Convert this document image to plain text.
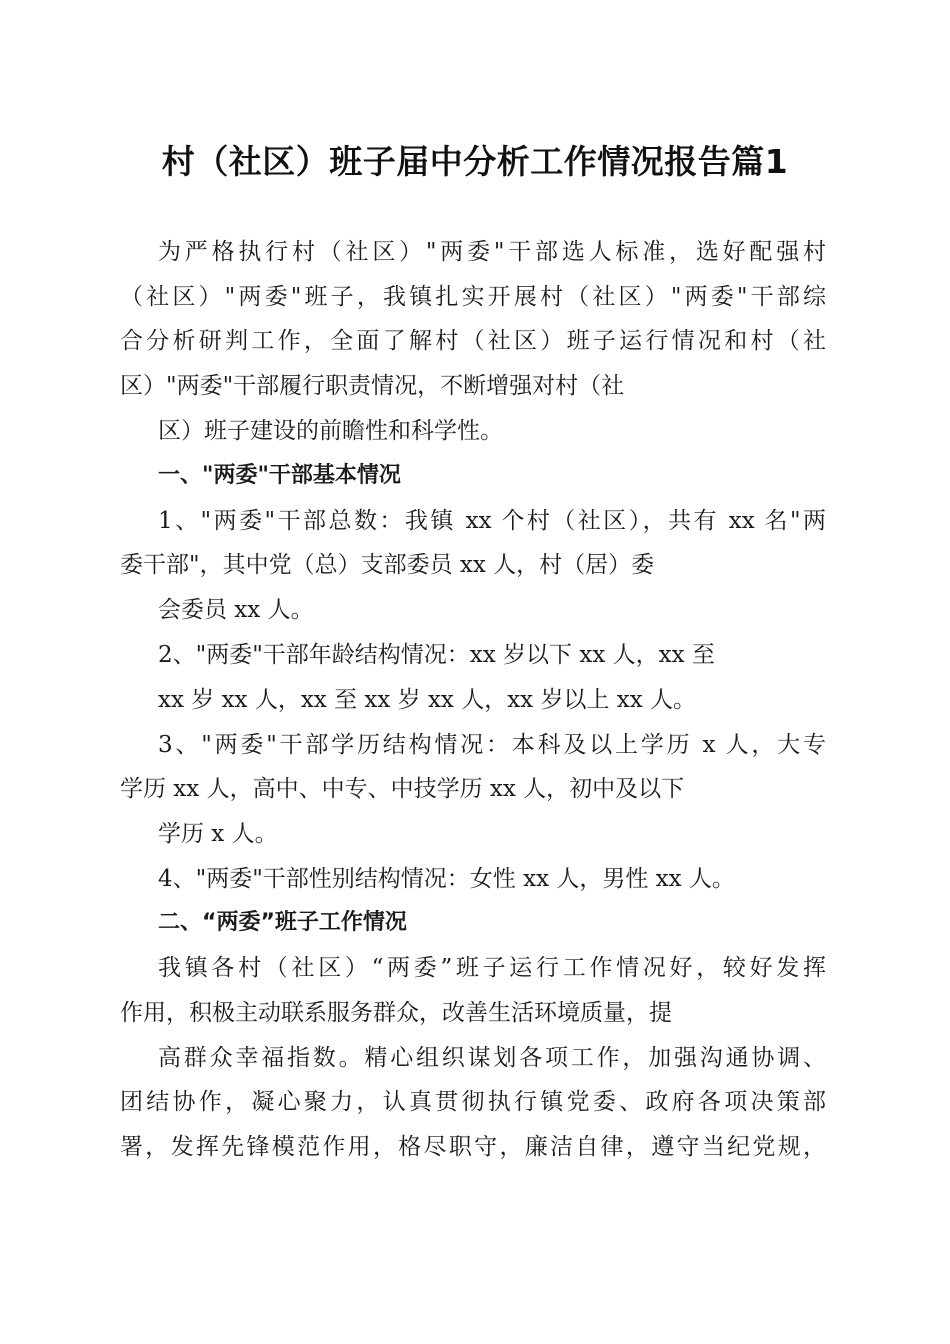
村（社区）班子届中分析工作情况报告篇1
为严格执行村（社区）"两委"干部选人标准，选好配强村
（社区）"两委"班子，我镇扎实开展村（社区）"两委"干部综
合分析研判工作，全面了解村（社区）班子运行情况和村（社
区）"两委"干部履行职责情况，不断增强对村（社
区）班子建设的前瞻性和科学性。
一、"两委"干部基本情况
1、"两委"干部总数：我镇 xx 个村（社区），共有 xx 名"两
委干部"，其中党（总）支部委员 xx 人，村（居）委
会委员 xx 人。
2、"两委"干部年龄结构情况：xx 岁以下 xx 人，xx 至
xx 岁 xx 人，xx 至 xx 岁 xx 人，xx 岁以上 xx 人。
3、"两委"干部学历结构情况：本科及以上学历 x 人，大专
学历 xx 人，高中、中专、中技学历 xx 人，初中及以下
学历 x 人。
4、"两委"干部性别结构情况：女性 xx 人，男性 xx 人。
二、“两委”班子工作情况
我镇各村（社区）“两委”班子运行工作情况好，较好发挥
作用，积极主动联系服务群众，改善生活环境质量，提
高群众幸福指数。精心组织谋划各项工作，加强沟通协调、
团结协作，凝心聚力，认真贯彻执行镇党委、政府各项决策部
署，发挥先锋模范作用，格尽职守，廉洁自律，遵守当纪党规，
